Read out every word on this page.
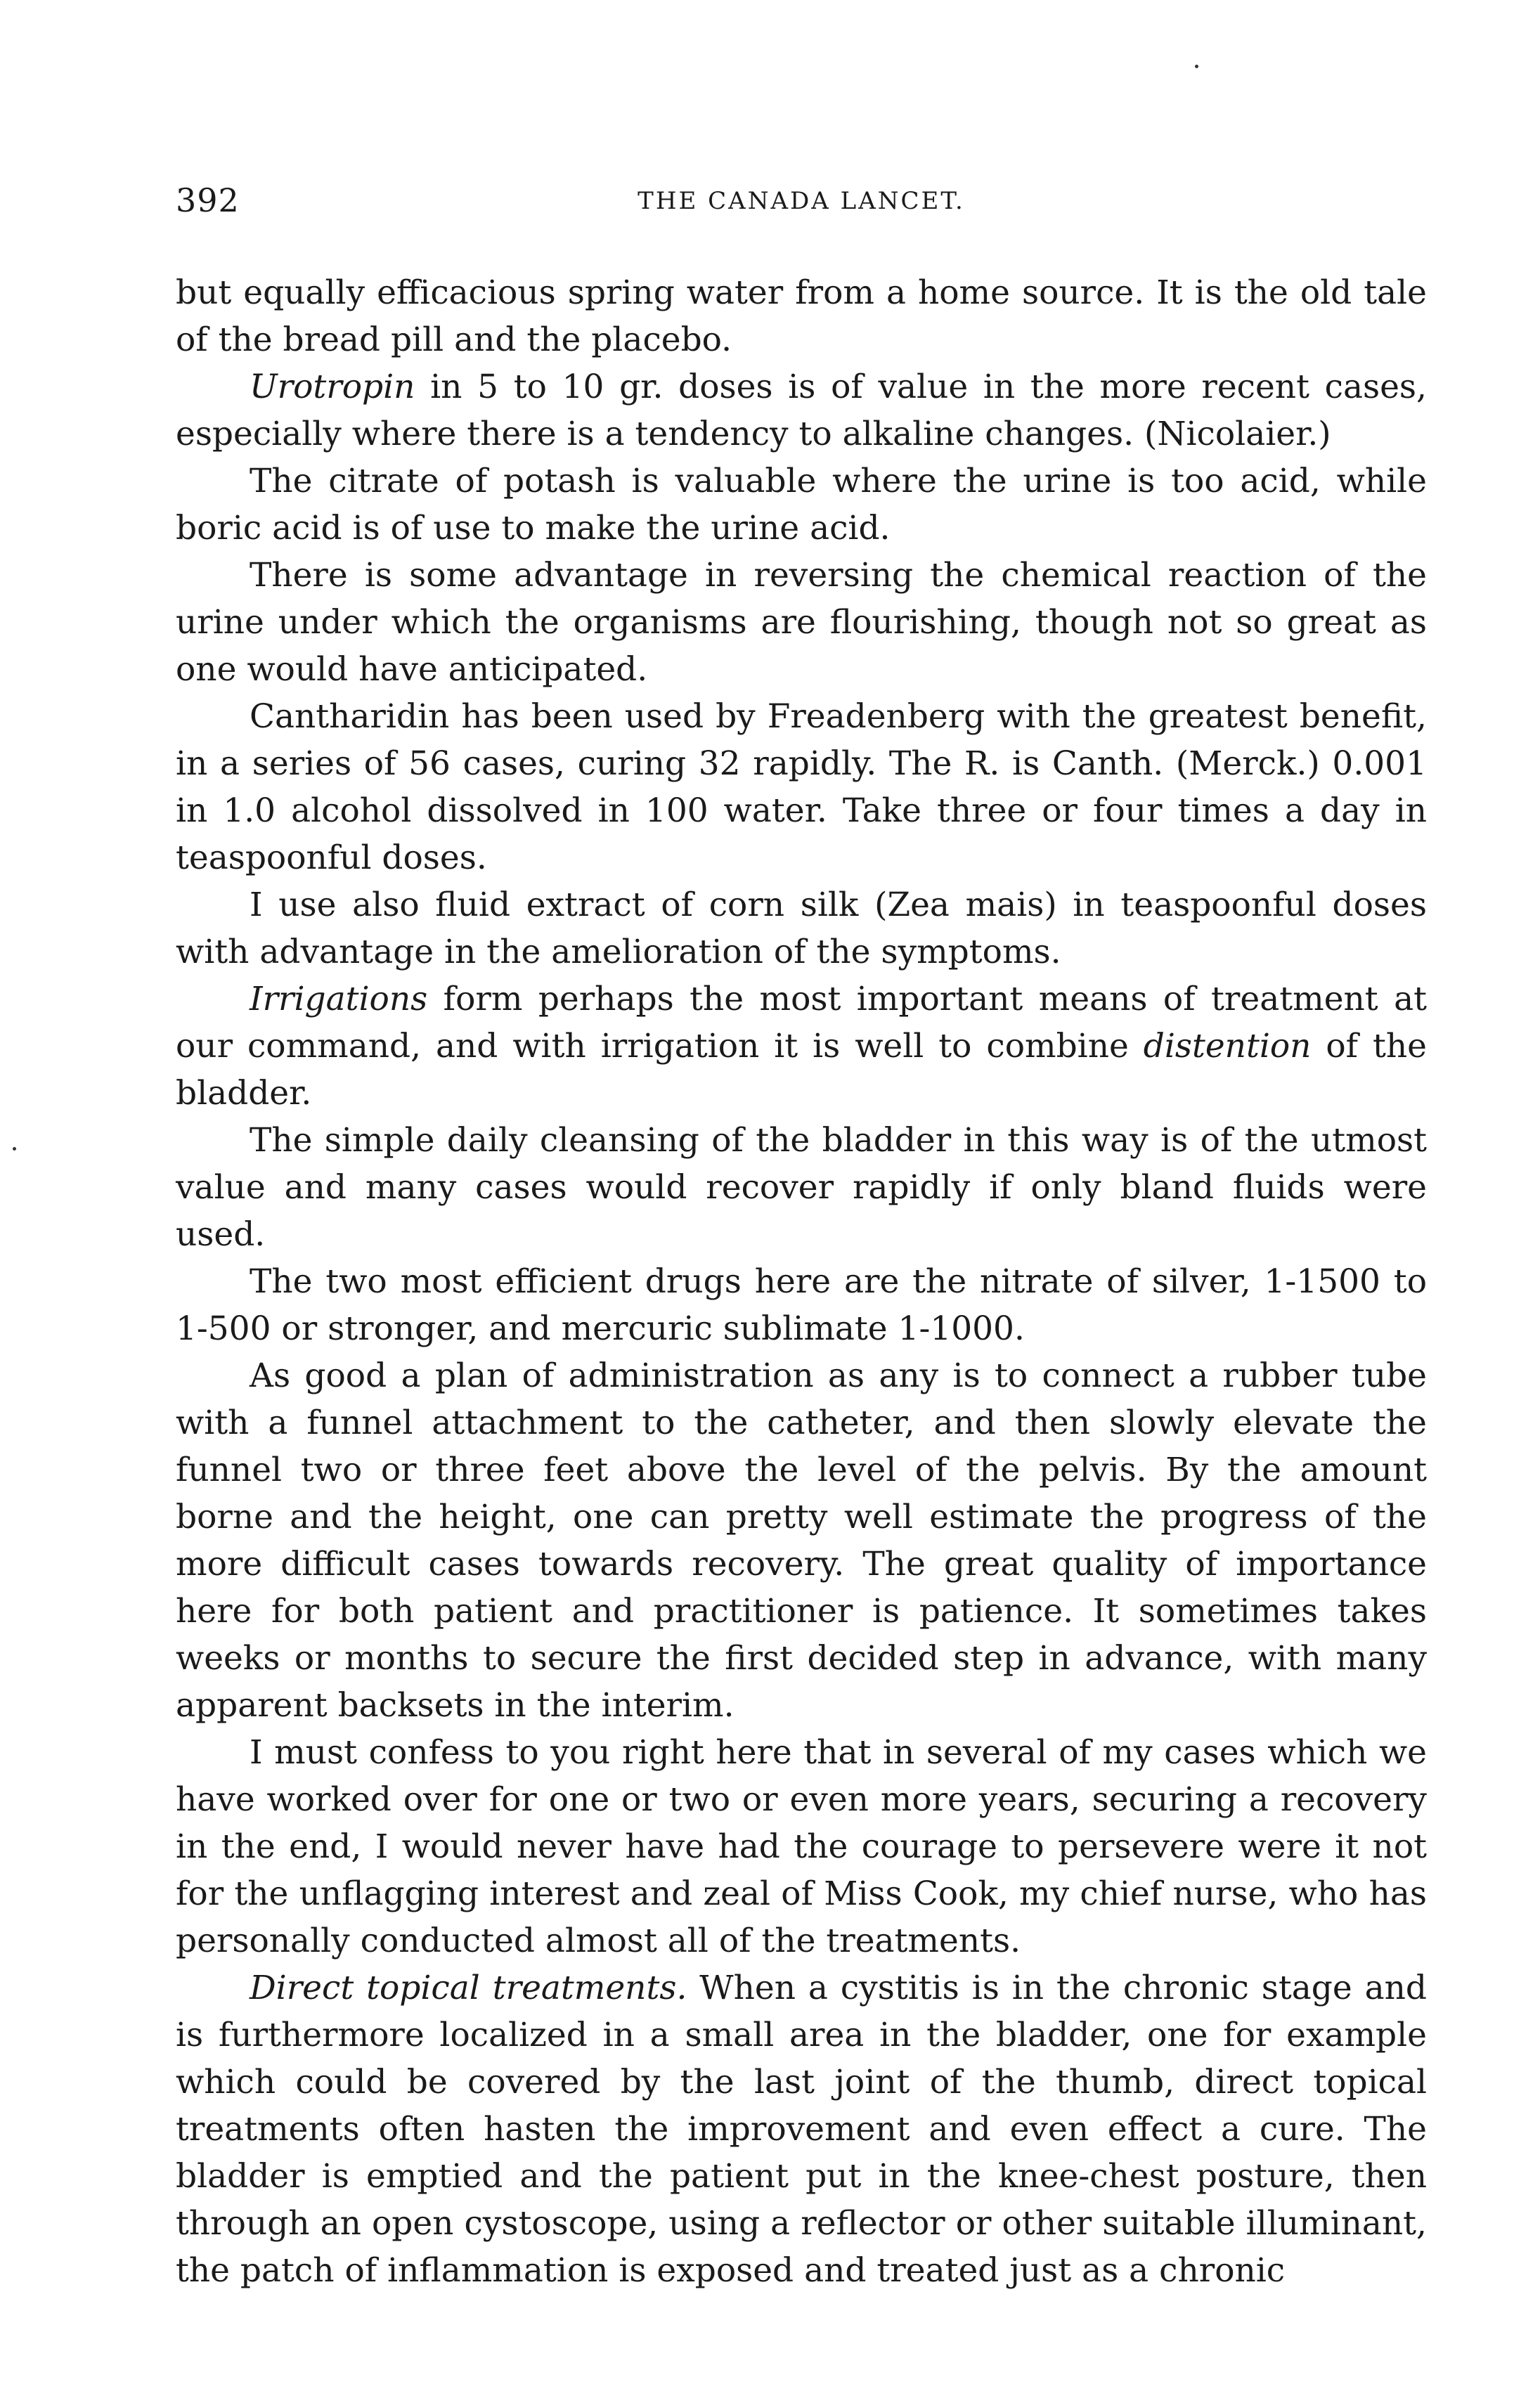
392	THE CANADA LANCET.

but equally efficacious spring water from a home source. It is the old tale of the bread pill and the placebo.

Urotropin in 5 to 10 gr. doses is of value in the more recent cases, especially where there is a tendency to alkaline changes. (Nicolaier.)

The citrate of potash is valuable where the urine is too acid, while boric acid is of use to make the urine acid.

There is some advantage in reversing the chemical reaction of the urine under which the organisms are flourishing, though not so great as one would have anticipated.

Cantharidin has been used by Freadenberg with the greatest benefit, in a series of 56 cases, curing 32 rapidly. The R. is Canth. (Merck.) 0.001 in 1.0 alcohol dissolved in 100 water. Take three or four times a day in teaspoonful doses.

I use also fluid extract of corn silk (Zea mais) in teaspoonful doses with advantage in the amelioration of the symptoms.

Irrigations form perhaps the most important means of treatment at our command, and with irrigation it is well to combine distention of the bladder.

The simple daily cleansing of the bladder in this way is of the utmost value and many cases would recover rapidly if only bland fluids were used.

The two most efficient drugs here are the nitrate of silver, 1-1500 to 1-500 or stronger, and mercuric sublimate 1-1000.

As good a plan of administration as any is to connect a rubber tube with a funnel attachment to the catheter, and then slowly elevate the funnel two or three feet above the level of the pelvis. By the amount borne and the height, one can pretty well estimate the progress of the more difficult cases towards recovery. The great quality of importance here for both patient and practitioner is patience. It sometimes takes weeks or months to secure the first decided step in advance, with many apparent backsets in the interim.

I must confess to you right here that in several of my cases which we have worked over for one or two or even more years, securing a recovery in the end, I would never have had the courage to persevere were it not for the unflagging interest and zeal of Miss Cook, my chief nurse, who has personally conducted almost all of the treatments.

Direct topical treatments. When a cystitis is in the chronic stage and is furthermore localized in a small area in the bladder, one for example which could be covered by the last joint of the thumb, direct topical treatments often hasten the improvement and even effect a cure. The bladder is emptied and the patient put in the knee-chest posture, then through an open cystoscope, using a reflector or other suitable illuminant, the patch of inflammation is exposed and treated just as a chronic
